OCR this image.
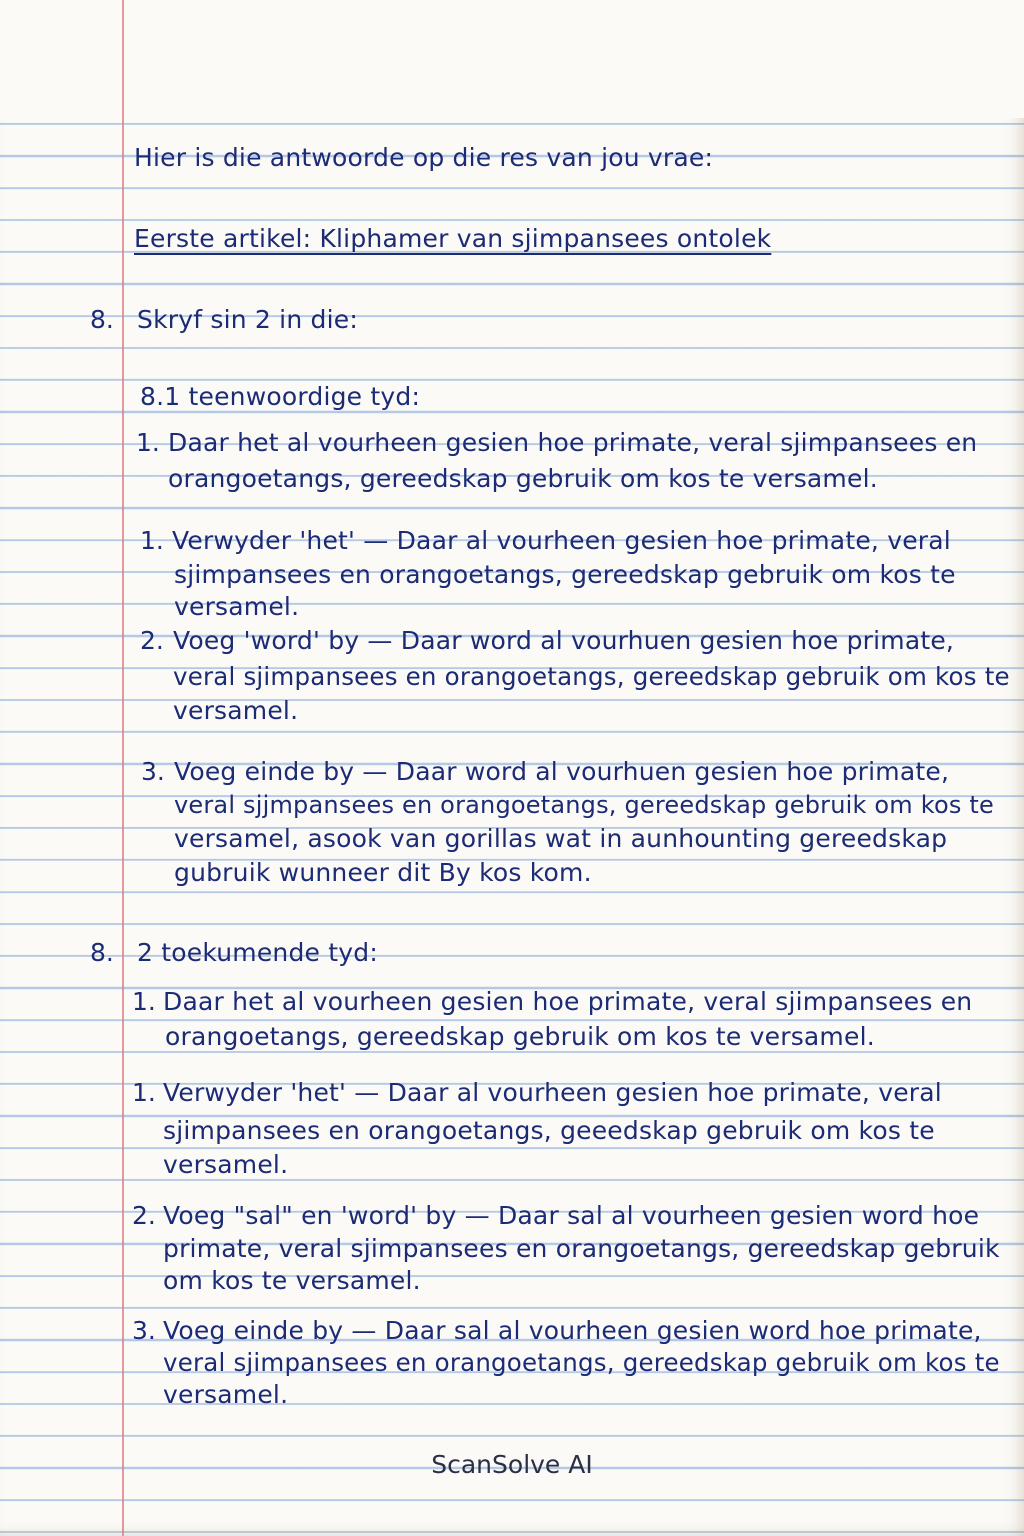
Hier is die antwoorde op die res van jou vrae:
Eerste artikel: Kliphamer van sjimpansees ontolek
8. Skryf sin 2 in die:
8.1 teenwoordige tyd:
1. Daar het al vourheen gesien hoe primate, veral sjimpansees en
orangoetangs, gereedskap gebruik om kos te versamel.
1. Verwyder 'het' — Daar al vourheen gesien hoe primate, veral
sjimpansees en orangoetangs, gereedskap gebruik om kos te
versamel.
2. Voeg 'word' by — Daar word al vourhuen gesien hoe primate,
veral sjimpansees en orangoetangs, gereedskap gebruik om kos te
versamel.
3. Voeg einde by — Daar word al vourhuen gesien hoe primate,
veral sjjmpansees en orangoetangs, gereedskap gebruik om kos te
versamel, asook van gorillas wat in aunhounting gereedskap
gubruik wunneer dit By kos kom.
8. 2 toekumende tyd:
1. Daar het al vourheen gesien hoe primate, veral sjimpansees en
orangoetangs, gereedskap gebruik om kos te versamel.
1. Verwyder 'het' — Daar al vourheen gesien hoe primate, veral
sjimpansees en orangoetangs, geeedskap gebruik om kos te
versamel.
2. Voeg "sal" en 'word' by — Daar sal al vourheen gesien word hoe
primate, veral sjimpansees en orangoetangs, gereedskap gebruik
om kos te versamel.
3. Voeg einde by — Daar sal al vourheen gesien word hoe primate,
veral sjimpansees en orangoetangs, gereedskap gebruik om kos te
versamel.
ScanSolve AI
